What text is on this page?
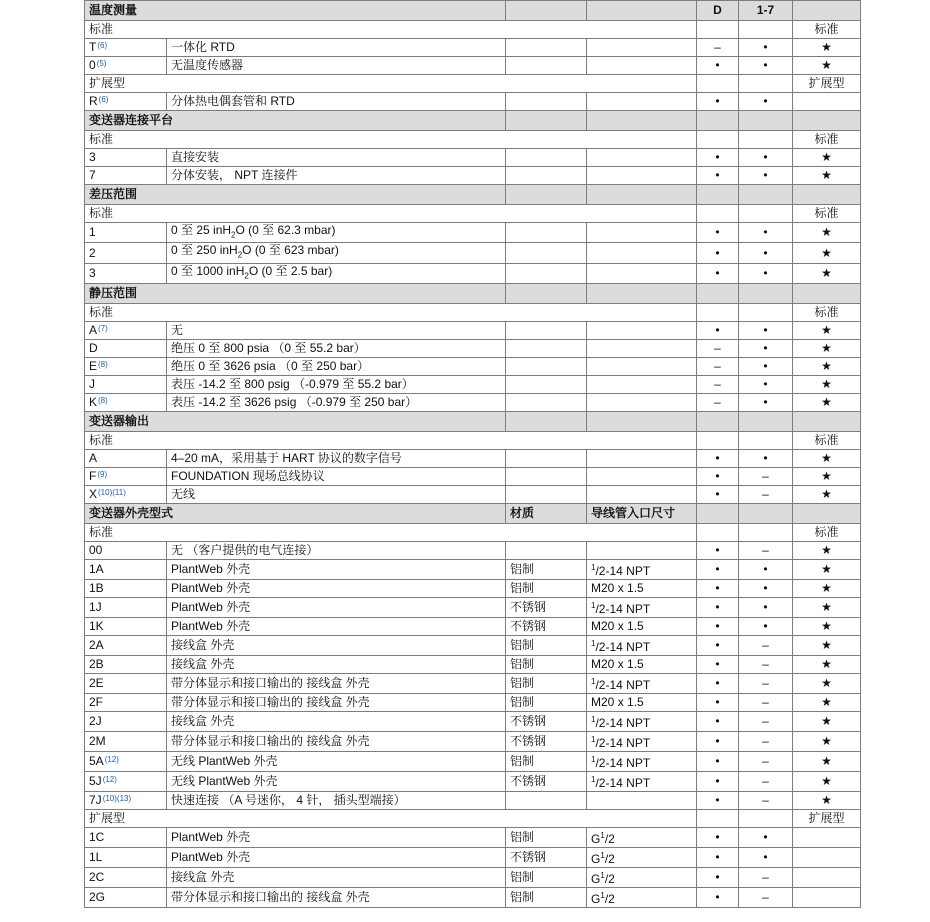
温度测量				D	1-7	
标准						标准
T$^{(6)}$	一体化 RTD			–	•	★
0$^{(5)}$	无温度传感器			•	•	★
扩展型						扩展型
R$^{(6)}$	分体热电偶套管和 RTD			•	•	
变送器连接平台						
标准						标准
3	直接安装			•	•	★
7	分体安装， NPT 连接件			•	•	★
差压范围						
标准						标准
1	0 至 25 inH$_2$O (0 至 62.3 mbar)			•	•	★
2	0 至 250 inH$_2$O (0 至 623 mbar)			•	•	★
3	0 至 1000 inH$_2$O (0 至 2.5 bar)			•	•	★
静压范围						
标准						标准
A$^{(7)}$	无			•	•	★
D	绝压 0 至 800 psia （0 至 55.2 bar）			–	•	★
E$^{(8)}$	绝压 0 至 3626 psia （0 至 250 bar）			–	•	★
J	表压 -14.2 至 800 psig （-0.979 至 55.2 bar）			–	•	★
K$^{(8)}$	表压 -14.2 至 3626 psig （-0.979 至 250 bar）			–	•	★
变送器输出						
标准						标准
A	4–20 mA，采用基于 HART 协议的数字信号			•	•	★
F$^{(9)}$	FOUNDATION 现场总线协议			•	–	★
X$^{(10)(11)}$	无线			•	–	★
变送器外壳型式		材质	导线管入口尺寸			
标准						标准
00	无 （客户提供的电气连接）			•	–	★
1A	PlantWeb 外壳	铝制	$^1$/2-14 NPT	•	•	★
1B	PlantWeb 外壳	铝制	M20 x 1.5	•	•	★
1J	PlantWeb 外壳	不锈钢	$^1$/2-14 NPT	•	•	★
1K	PlantWeb 外壳	不锈钢	M20 x 1.5	•	•	★
2A	接线盒 外壳	铝制	$^1$/2-14 NPT	•	–	★
2B	接线盒 外壳	铝制	M20 x 1.5	•	–	★
2E	带分体显示和接口输出的 接线盒 外壳	铝制	$^1$/2-14 NPT	•	–	★
2F	带分体显示和接口输出的 接线盒 外壳	铝制	M20 x 1.5	•	–	★
2J	接线盒 外壳	不锈钢	$^1$/2-14 NPT	•	–	★
2M	带分体显示和接口输出的 接线盒 外壳	不锈钢	$^1$/2-14 NPT	•	–	★
5A$^{(12)}$	无线 PlantWeb 外壳	铝制	$^1$/2-14 NPT	•	–	★
5J$^{(12)}$	无线 PlantWeb 外壳	不锈钢	$^1$/2-14 NPT	•	–	★
7J$^{(10)(13)}$	快速连接 （A 号迷你， 4 针， 插头型端接）			•	–	★
扩展型						扩展型
1C	PlantWeb 外壳	铝制	$G^1/2$	•	•	
1L	PlantWeb 外壳	不锈钢	$G^1/2$	•	•	
2C	接线盒 外壳	铝制	$G^1/2$	•	–	
2G	带分体显示和接口输出的 接线盒 外壳	铝制	$G^1/2$	•	–	
